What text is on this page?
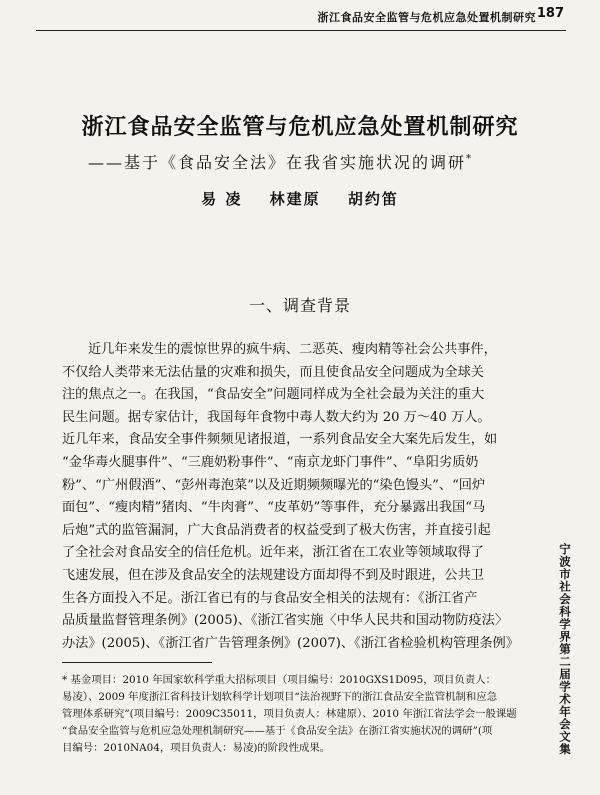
浙江食品安全监管与危机应急处置机制研究 187
浙江食品安全监管与危机应急处置机制研究
——基于《食品安全法》在我省实施状况的调研*
易 凌 林建原 胡约笛
一、调查背景
近几年来发生的震惊世界的疯牛病、二恶英、瘦肉精等社会公共事件，
不仅给人类带来无法估量的灾难和损失，而且使食品安全问题成为全球关
注的焦点之一。在我国，“食品安全”问题同样成为全社会最为关注的重大
民生问题。据专家估计，我国每年食物中毒人数大约为 20 万～40 万人。
近几年来，食品安全事件频频见诸报道，一系列食品安全大案先后发生，如
“金华毒火腿事件”、“三鹿奶粉事件”、“南京龙虾门事件”、“阜阳劣质奶
粉”、“广州假酒”、“彭州毒泡菜”以及近期频频曝光的“染色馒头”、“回炉
面包”、“瘦肉精”猪肉、“牛肉膏”、“皮革奶”等事件，充分暴露出我国“马
后炮”式的监管漏洞，广大食品消费者的权益受到了极大伤害，并直接引起
了全社会对食品安全的信任危机。近年来，浙江省在工农业等领域取得了
飞速发展，但在涉及食品安全的法规建设方面却得不到及时跟进，公共卫
生各方面投入不足。浙江省已有的与食品安全相关的法规有：《浙江省产
品质量监督管理条例》(2005)、《浙江省实施〈中华人民共和国动物防疫法〉
办法》(2005)、《浙江省广告管理条例》(2007)、《浙江省检验机构管理条例》
* 基金项目：2010 年国家软科学重大招标项目（项目编号：2010GXS1D095，项目负责人：
易凌）、2009 年度浙江省科技计划软科学计划项目“法治视野下的浙江食品安全监管机制和应急
管理体系研究”(项目编号：2009C35011，项目负责人：林建原）、2010 年浙江省法学会一般课题
“食品安全监管与危机应急处理机制研究——基于《食品安全法》在浙江省实施状况的调研”(项
目编号：2010NA04，项目负责人：易凌)的阶段性成果。	宁波市社会科学界第二届学术年会文集
